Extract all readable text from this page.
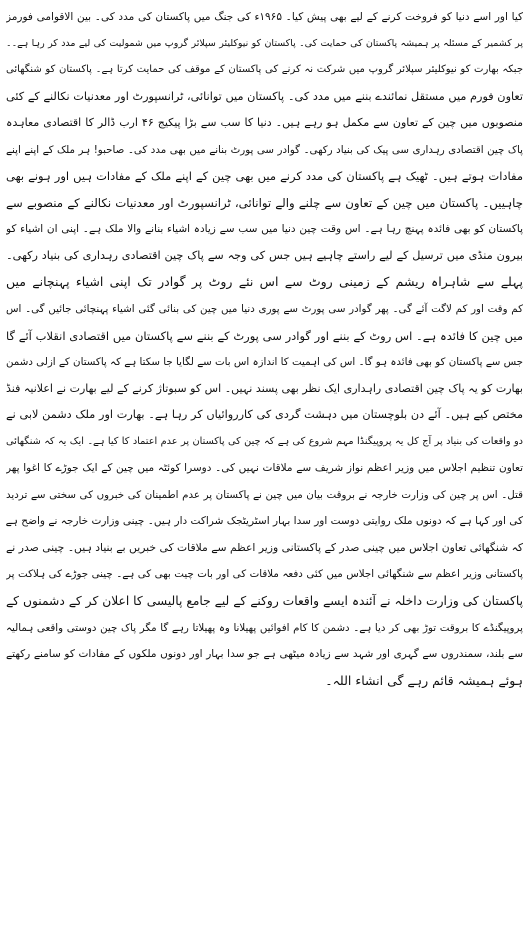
کیا اور اسے دنیا کو فروخت کرنے کے لیے بھی پیش کیا۔ ۱۹۶۵ء کی جنگ میں پاکستان کی مدد کی۔ بین الاقوامی فورمز
پر کشمیر کے مسئلہ پر ہمیشہ پاکستان کی حمایت کی۔ پاکستان کو نیوکلیئر سپلائر گروپ میں شمولیت کی لیے مدد کر رہا ہے۔۔
جبکہ بھارت کو نیوکلیئر سپلائر گروپ میں شرکت نہ کرنے کی پاکستان کے موقف کی حمایت کرتا ہے۔ پاکستان کو شنگھائی
تعاون فورم میں مستقل نمائندے بننے میں مدد کی۔ پاکستان میں توانائی، ٹرانسپورٹ اور معدنیات نکالنے کے کئی
منصوبوں میں چین کے تعاون سے مکمل ہو رہے ہیں۔ دنیا کا سب سے بڑا پیکیج ۴۶ ارب ڈالر کا اقتصادی معاہدہ
پاک چین اقتصادی رہداری سی پیک کی بنیاد رکھی۔ گوادر سی پورٹ بنانے میں بھی مدد کی۔ صاحبو! ہر ملک کے اپنے اپنے
مفادات ہوتے ہیں۔ ٹھیک ہے پاکستان کی مدد کرنے میں بھی چین کے اپنے ملک کے مفادات ہیں اور ہونے بھی
چاہییں۔ پاکستان میں چین کے تعاون سے چلنے والے توانائی، ٹرانسپورٹ اور معدنیات نکالنے کے منصوبے سے
پاکستان کو بھی فائدہ پہنچ رہا ہے۔ اس وقت چین دنیا میں سب سے زیادہ اشیاء بنانے والا ملک ہے۔ اپنی ان اشیاء کو
بیرون منڈی میں ترسیل کے لیے راستے چاہیے ہیں جس کی وجہ سے پاک چین اقتصادی رہداری کی بنیاد رکھی۔
پہلے سے شاہراہ ریشم کے زمینی روٹ سے اس نئے روٹ پر گوادر تک اپنی اشیاء پہنچانے میں
کم وقت اور کم لاگت آئے گی۔ پھر گوادر سی پورٹ سے پوری دنیا میں چین کی بنائی گئی اشیاء پہنچائی جائیں گی۔ اس
میں چین کا فائدہ ہے۔ اس روٹ کے بننے اور گوادر سی پورٹ کے بننے سے پاکستان میں اقتصادی انقلاب آئے گا
جس سے پاکستان کو بھی فائدہ ہو گا۔ اس کی اہمیت کا اندازہ اس بات سے لگایا جا سکتا ہے کہ پاکستان کے ازلی دشمن
بھارت کو یہ پاک چین اقتصادی راہداری ایک نظر بھی پسند نہیں۔ اس کو سبوتاژ کرنے کے لیے بھارت نے اعلانیہ فنڈ
مختص کیے ہیں۔ آئے دن بلوچستان میں دہشت گردی کی کارروائیاں کر رہا ہے۔ بھارت اور ملک دشمن لابی نے
دو واقعات کی بنیاد پر آج کل یہ پروپیگنڈا مہم شروع کی ہے کہ چین کی پاکستان پر عدم اعتماد کا کیا ہے۔ ایک یہ کہ شنگھائی
تعاون تنظیم اجلاس میں وزیر اعظم نواز شریف سے ملاقات نہیں کی۔ دوسرا کوئٹہ میں چین کے ایک جوڑے کا اغوا پھر
قتل۔ اس پر چین کی وزارت خارجہ نے بروقت بیان میں چین نے پاکستان پر عدم اطمینان کی خبروں کی سختی سے تردید
کی اور کہا ہے کہ دونوں ملک روایتی دوست اور سدا بہار اسٹریٹجک شراکت دار ہیں۔ چینی وزارت خارجہ نے واضح ہے
کہ شنگھائی تعاون اجلاس میں چینی صدر کے پاکستانی وزیر اعظم سے ملاقات کی خبریں بے بنیاد ہیں۔ چینی صدر نے
پاکستانی وزیر اعظم سے شنگھائی اجلاس میں کئی دفعہ ملاقات کی اور بات چیت بھی کی ہے۔ چینی جوڑے کی ہلاکت پر
پاکستان کی وزارت داخلہ نے آئندہ ایسے واقعات روکنے کے لیے جامع پالیسی کا اعلان کر کے دشمنوں کے
پروپیگنڈے کا بروقت توڑ بھی کر دیا ہے۔ دشمن کا کام افوائیں پھیلانا وہ پھیلاتا رہے گا مگر پاک چین دوستی واقعی ہمالیہ
سے بلند، سمندروں سے گہری اور شہد سے زیادہ میٹھی ہے جو سدا بہار اور دونوں ملکوں کے مفادات کو سامنے رکھتے
ہوئے ہمیشہ قائم رہے گی انشاء اللہ۔
